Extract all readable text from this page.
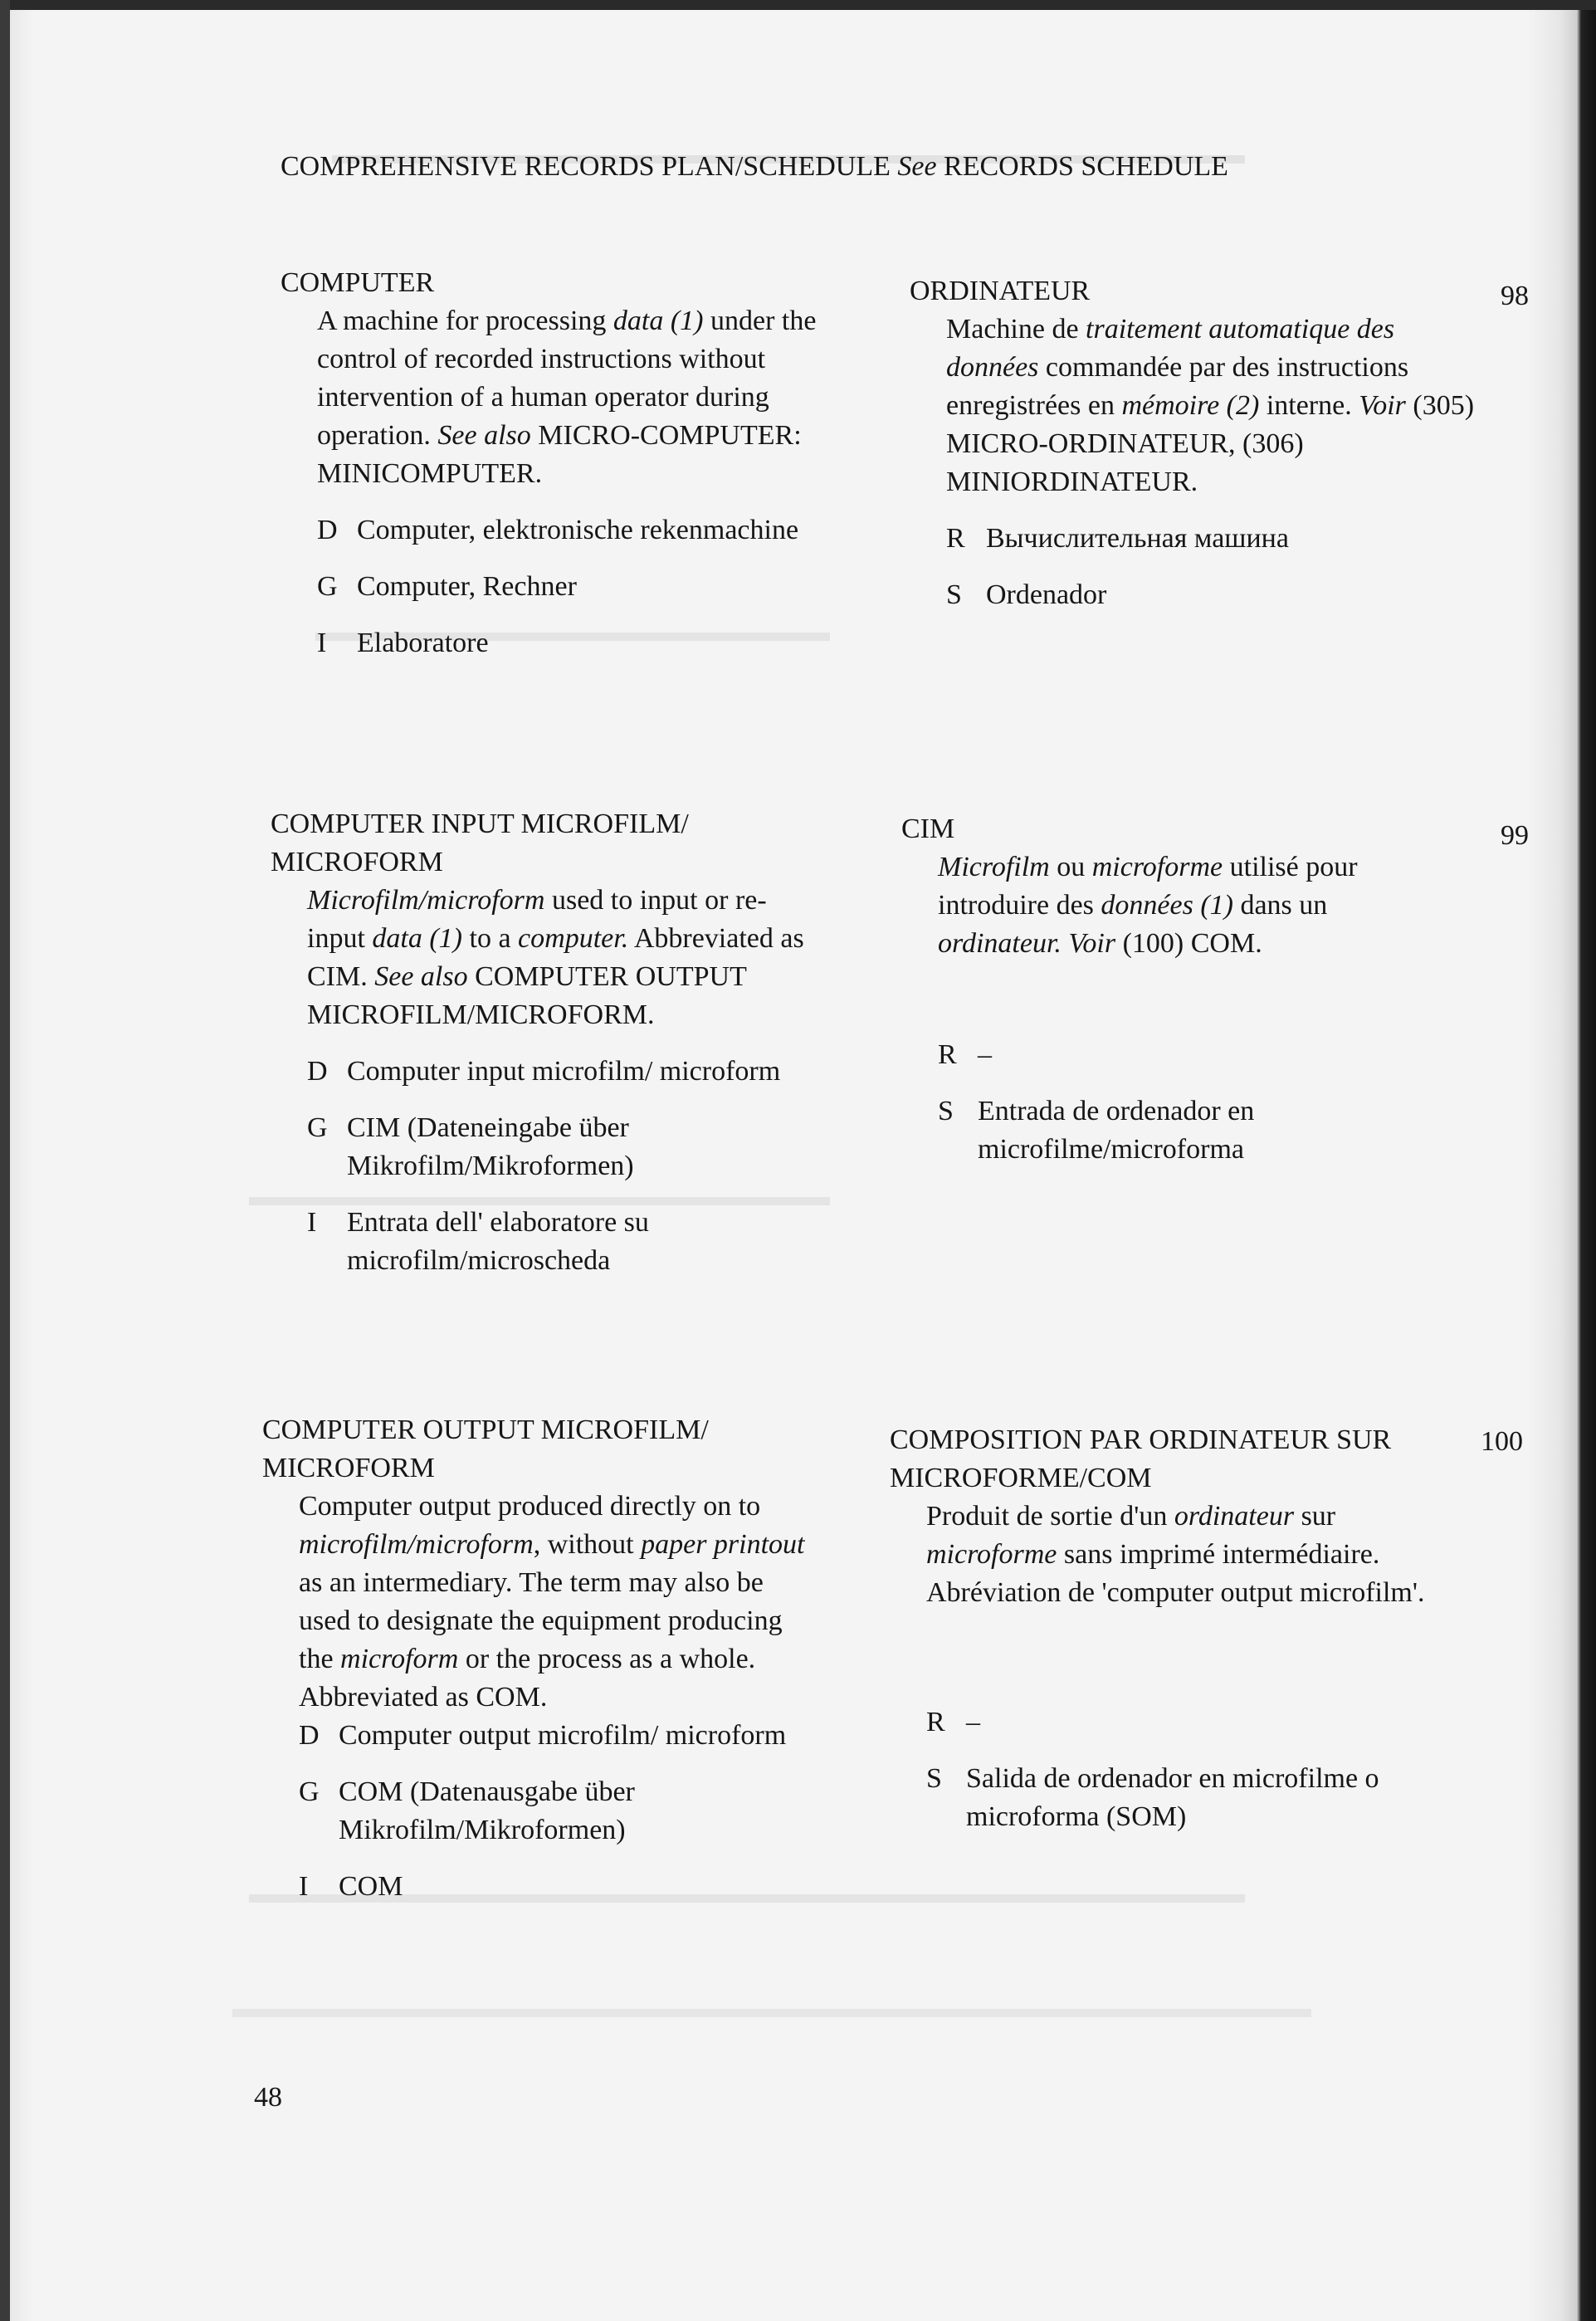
COMPREHENSIVE RECORDS PLAN/SCHEDULE See RECORDS SCHEDULE
98
COMPUTER
A machine for processing data (1) under the control of recorded instructions without intervention of a human operator during operation. See also MICRO-COMPUTER: MINICOMPUTER.
D Computer, elektronische rekenmachine
G Computer, Rechner
I	Elaboratore
ORDINATEUR
Machine de traitement automatique des données commandée par des instructions enregistrées en mémoire (2) interne. Voir (305) MICRO-ORDINATEUR, (306) MINIORDINATEUR.
R Вычислительная машина
S Ordenador
99
COMPUTER INPUT MICROFILM/ MICROFORM
Microfilm/microform used to input or re-input data (1) to a computer. Abbreviated as CIM. See also COMPUTER OUTPUT MICROFILM/MICROFORM.
D Computer input microfilm/ microform
G CIM (Dateneingabe über Mikrofilm/Mikroformen)
I	Entrata dell' elaboratore su microfilm/microscheda
CIM
Microfilm ou microforme utilisé pour introduire des données (1) dans un ordinateur. Voir (100) COM.
R –
S Entrada de ordenador en microfilme/microforma
100
COMPUTER OUTPUT MICROFILM/ MICROFORM
Computer output produced directly on to microfilm/microform, without paper printout as an intermediary. The term may also be used to designate the equipment producing the microform or the process as a whole. Abbreviated as COM.
D Computer output microfilm/ microform
G COM (Datenausgabe über Mikrofilm/Mikroformen)
I	COM
COMPOSITION PAR ORDINATEUR SUR MICROFORME/COM
Produit de sortie d'un ordinateur sur microforme sans imprimé intermédiaire. Abréviation de 'computer output microfilm'.
R –
S Salida de ordenador en microfilme o microforma (SOM)
48
